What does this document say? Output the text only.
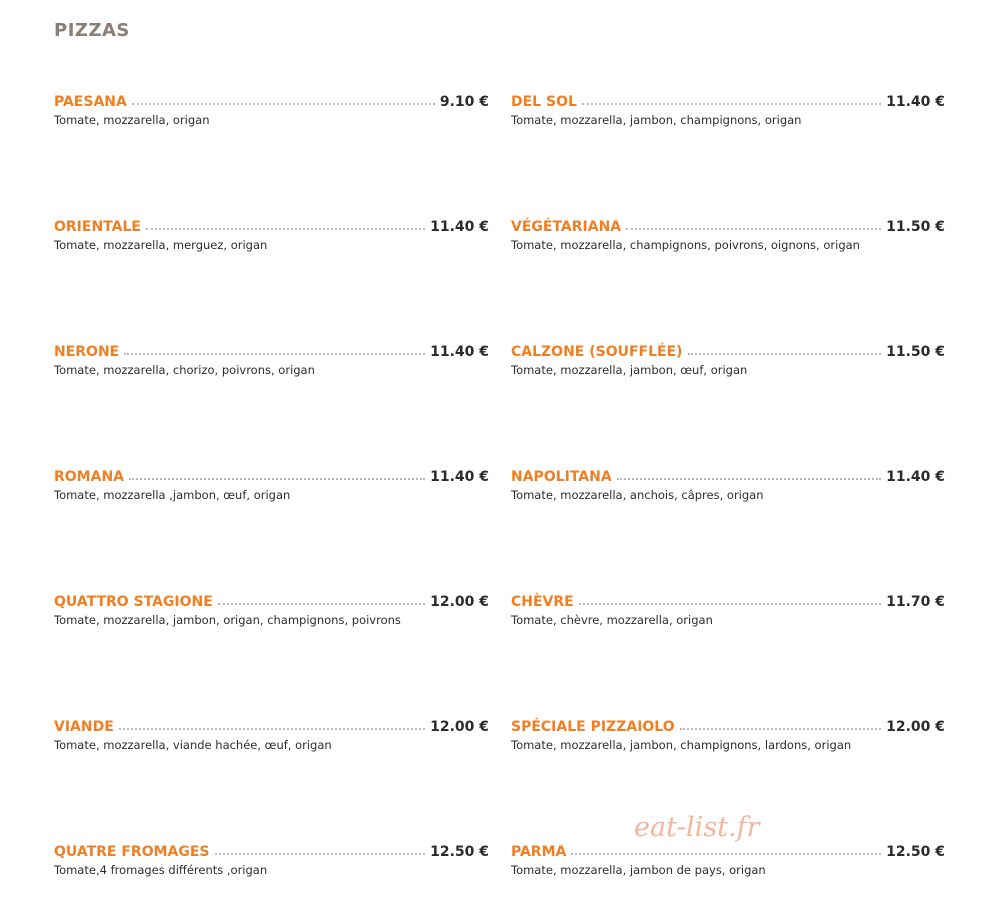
PIZZAS
PAESANA	9.10 €
Tomate, mozzarella, origan
DEL SOL	11.40 €
Tomate, mozzarella, jambon, champignons, origan
ORIENTALE	11.40 €
Tomate, mozzarella, merguez, origan
VÉGÉTARIANA	11.50 €
Tomate, mozzarella, champignons, poivrons, oignons, origan
NERONE	11.40 €
Tomate, mozzarella, chorizo, poivrons, origan
CALZONE (SOUFFLÉE)	11.50 €
Tomate, mozzarella, jambon, œuf, origan
ROMANA	11.40 €
Tomate, mozzarella ,jambon, œuf, origan
NAPOLITANA	11.40 €
Tomate, mozzarella, anchois, câpres, origan
QUATTRO STAGIONE	12.00 €
Tomate, mozzarella, jambon, origan, champignons, poivrons
CHÈVRE	11.70 €
Tomate, chèvre, mozzarella, origan
VIANDE	12.00 €
Tomate, mozzarella, viande hachée, œuf, origan
SPÉCIALE PIZZAIOLO	12.00 €
Tomate, mozzarella, jambon, champignons, lardons, origan
QUATRE FROMAGES	12.50 €
Tomate,4 fromages différents ,origan
PARMA	12.50 €
Tomate, mozzarella, jambon de pays, origan
eat-list.fr
